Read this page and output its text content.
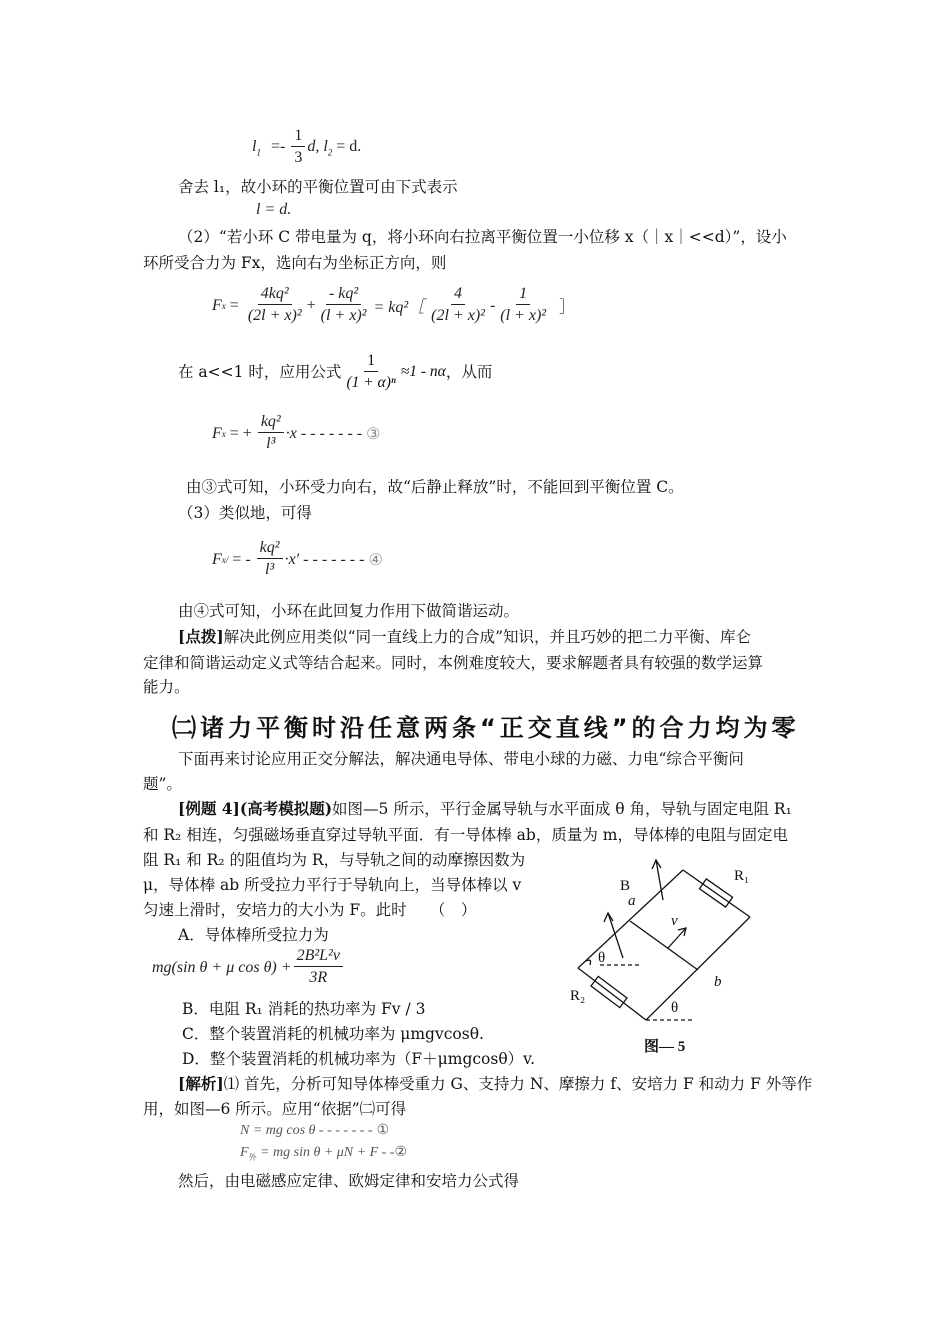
$l_1 =- \frac{1}{3} d$, $l_2 = d$.
舍去 l₁，故小环的平衡位置可由下式表示
l = d.
（2）“若小环 C 带电量为 q，将小环向右拉离平衡位置一小位移 x（｜x｜<<d）”，设小
环所受合力为 Fx，选向右为坐标正方向，则
F $x = \frac{\text{4kq²}}{\text{(2l + x)²}} + \frac{\text{- kq²}}{\text{(l + x)²}}$ = kq²［ $\frac{4}{\text{(2l + x)²}} - \frac{1}{\text{(l + x)²}}$ ］
在 a<<1 时，应用公式 $\frac{1}{\text{(1 + α)ⁿ}} \approx 1 - n\alpha$ ，从而
F x = + $\frac{\text{kq²}}{\text{l³}} \cdot x$ - - - - - - - ③
由③式可知，小环受力向右，故“后静止释放”时，不能回到平衡位置 C。
（3）类似地，可得
F x / = - $\frac{\text{kq²}}{\text{l³}} \cdot x'$ - - - - - - - ④
由④式可知，小环在此回复力作用下做简谐运动。
[点拨]解决此例应用类似“同一直线上力的合成”知识，并且巧妙的把二力平衡、库仑
定律和简谐运动定义式等结合起来。同时，本例难度较大，要求解题者具有较强的数学运算
能力。
㈡诸力平衡时沿任意两条“正交直线”的合力均为零
下面再来讨论应用正交分解法，解决通电导体、带电小球的力磁、力电“综合平衡问
题”。
[例题 4](高考模拟题)如图—5 所示，平行金属导轨与水平面成 θ 角，导轨与固定电阻 R₁
和 R₂ 相连，匀强磁场垂直穿过导轨平面．有一导体棒 ab，质量为 m，导体棒的电阻与固定电
阻 R₁ 和 R₂ 的阻值均为 R，与导轨之间的动摩擦因数为
μ，导体棒 ab 所受拉力平行于导轨向上，当导体棒以 v
匀速上滑时，安培力的大小为 F。此时　　（　）
A．导体棒所受拉力为
mg(sin θ + μ $\cos \theta) + \frac{\text{2B²L²v}}{3R}$
B．电阻 R₁ 消耗的热功率为 Fv / 3
C．整个装置消耗的机械功率为 μmgvcosθ.
D．整个装置消耗的机械功率为（F＋μmgcosθ）v.
B
a
v
R₁
R₂
b
θ
θ
图— 5
[解析]⑴ 首先，分析可知导体棒受重力 G、支持力 N、摩擦力 f、安培力 F 和动力 F 外等作
用，如图—6 所示。应用“依据”㈡可得
N = mg cos θ - - - - - - - ①
$F_外$ = mg sin θ + μN + F - -②
然后，由电磁感应定律、欧姆定律和安培力公式得
